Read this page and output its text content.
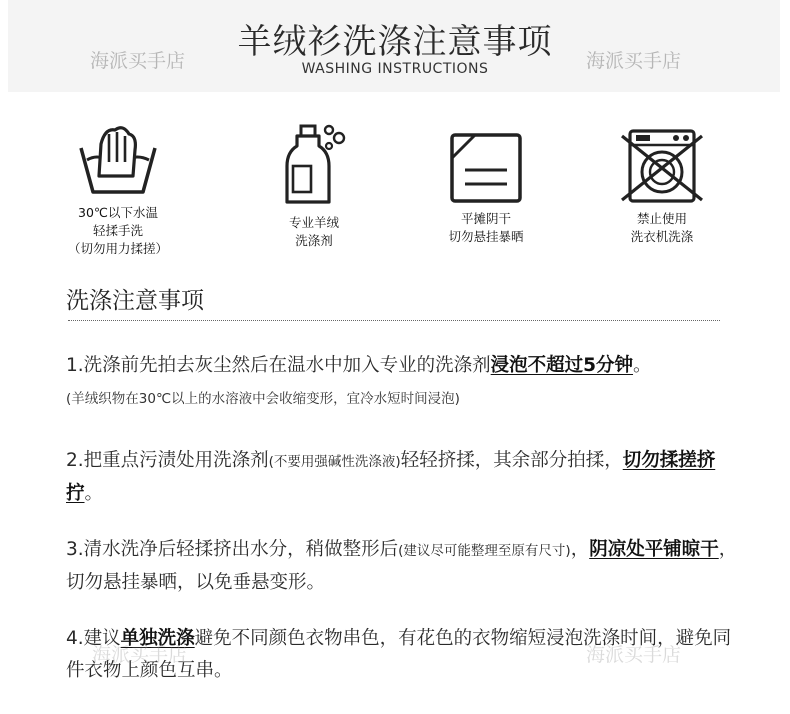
海派买手店	海派买手店
羊绒衫洗涤注意事项
WASHING INSTRUCTIONS
30℃以下水温
轻揉手洗
（切勿用力揉搓）
专业羊绒
洗涤剂
平摊阴干
切勿悬挂暴晒
禁止使用
洗衣机洗涤
洗涤注意事项
1.洗涤前先拍去灰尘然后在温水中加入专业的洗涤剂浸泡不超过5分钟。
(羊绒织物在30℃以上的水溶液中会收缩变形，宜冷水短时间浸泡)
2.把重点污渍处用洗涤剂(不要用强碱性洗涤液)轻轻挤揉，其余部分拍揉，切勿揉搓挤拧。
3.清水洗净后轻揉挤出水分，稍做整形后(建议尽可能整理至原有尺寸)，阴凉处平铺晾干，切勿悬挂暴晒，以免垂悬变形。
4.建议单独洗涤避免不同颜色衣物串色，有花色的衣物缩短浸泡洗涤时间，避免同件衣物上颜色互串。
海派买手店	海派买手店
